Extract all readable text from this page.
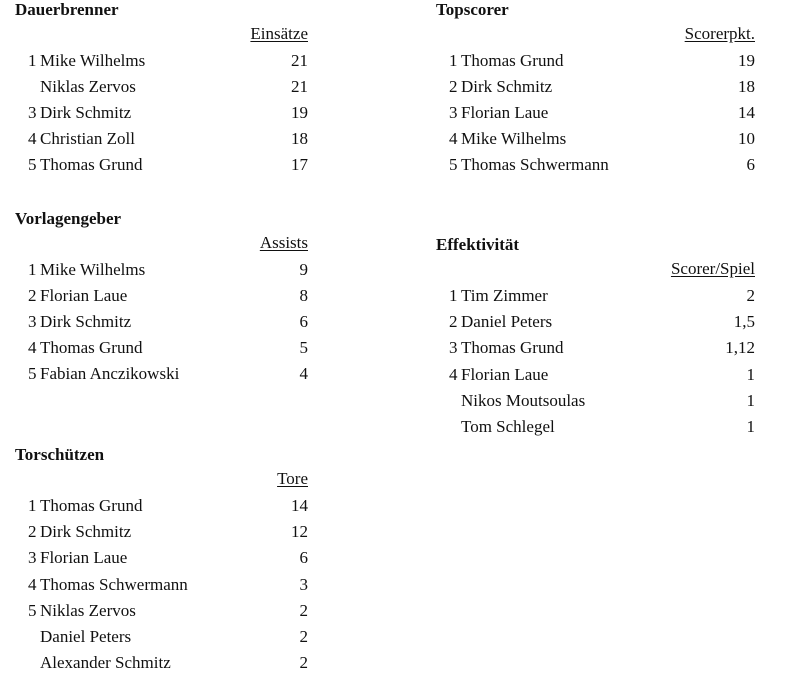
Dauerbrenner
Einsätze
1 Mike Wilhelms	21
Niklas Zervos	21
3 Dirk Schmitz	19
4 Christian Zoll	18
5 Thomas Grund	17
Topscorer
Scorerpkt.
1 Thomas Grund	19
2 Dirk Schmitz	18
3 Florian Laue	14
4 Mike Wilhelms	10
5 Thomas Schwermann	6
Vorlagengeber
Assists
1 Mike Wilhelms	9
2 Florian Laue	8
3 Dirk Schmitz	6
4 Thomas Grund	5
5 Fabian Anczikowski	4
Effektivität
Scorer/Spiel
1 Tim Zimmer	2
2 Daniel Peters	1,5
3 Thomas Grund	1,12
4 Florian Laue	1
Nikos Moutsoulas	1
Tom Schlegel	1
Torschützen
Tore
1 Thomas Grund	14
2 Dirk Schmitz	12
3 Florian Laue	6
4 Thomas Schwermann	3
5 Niklas Zervos	2
Daniel Peters	2
Alexander Schmitz	2
